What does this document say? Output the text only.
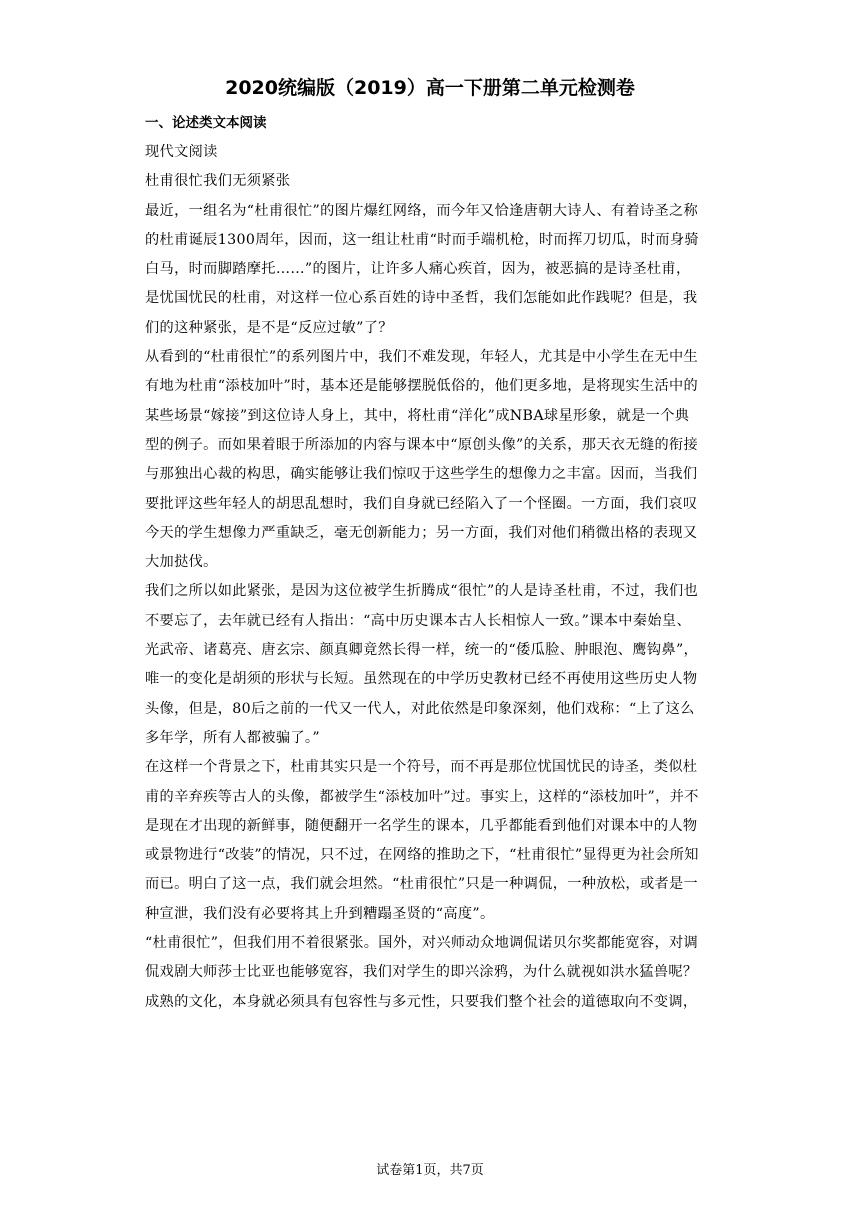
2020统编版（2019）高一下册第二单元检测卷
一、论述类文本阅读
现代文阅读
杜甫很忙我们无须紧张
最近，一组名为“杜甫很忙”的图片爆红网络，而今年又恰逢唐朝大诗人、有着诗圣之称
的杜甫诞辰1300周年，因而，这一组让杜甫“时而手端机枪，时而挥刀切瓜，时而身骑
白马，时而脚踏摩托……”的图片，让许多人痛心疾首，因为，被恶搞的是诗圣杜甫，
是忧国忧民的杜甫，对这样一位心系百姓的诗中圣哲，我们怎能如此作践呢？但是，我
们的这种紧张，是不是“反应过敏”了？
从看到的“杜甫很忙”的系列图片中，我们不难发现，年轻人，尤其是中小学生在无中生
有地为杜甫“添枝加叶”时，基本还是能够摆脱低俗的，他们更多地，是将现实生活中的
某些场景“嫁接”到这位诗人身上，其中，将杜甫“洋化”成NBA球星形象，就是一个典
型的例子。而如果着眼于所添加的内容与课本中“原创头像”的关系，那天衣无缝的衔接
与那独出心裁的构思，确实能够让我们惊叹于这些学生的想像力之丰富。因而，当我们
要批评这些年轻人的胡思乱想时，我们自身就已经陷入了一个怪圈。一方面，我们哀叹
今天的学生想像力严重缺乏，毫无创新能力；另一方面，我们对他们稍微出格的表现又
大加挞伐。
我们之所以如此紧张，是因为这位被学生折腾成“很忙”的人是诗圣杜甫，不过，我们也
不要忘了，去年就已经有人指出：“高中历史课本古人长相惊人一致。”课本中秦始皇、
光武帝、诸葛亮、唐玄宗、颜真卿竟然长得一样，统一的“倭瓜脸、肿眼泡、鹰钩鼻”，
唯一的变化是胡须的形状与长短。虽然现在的中学历史教材已经不再使用这些历史人物
头像，但是，80后之前的一代又一代人，对此依然是印象深刻，他们戏称：“上了这么
多年学，所有人都被骗了。”
在这样一个背景之下，杜甫其实只是一个符号，而不再是那位忧国忧民的诗圣，类似杜
甫的辛弃疾等古人的头像，都被学生“添枝加叶”过。事实上，这样的“添枝加叶”，并不
是现在才出现的新鲜事，随便翻开一名学生的课本，几乎都能看到他们对课本中的人物
或景物进行“改装”的情况，只不过，在网络的推助之下，“杜甫很忙”显得更为社会所知
而已。明白了这一点，我们就会坦然。“杜甫很忙”只是一种调侃，一种放松，或者是一
种宣泄，我们没有必要将其上升到糟蹋圣贤的“高度”。
“杜甫很忙”，但我们用不着很紧张。国外，对兴师动众地调侃诺贝尔奖都能宽容，对调
侃戏剧大师莎士比亚也能够宽容，我们对学生的即兴涂鸦，为什么就视如洪水猛兽呢？
成熟的文化，本身就必须具有包容性与多元性，只要我们整个社会的道德取向不变调，
试卷第1页，共7页
